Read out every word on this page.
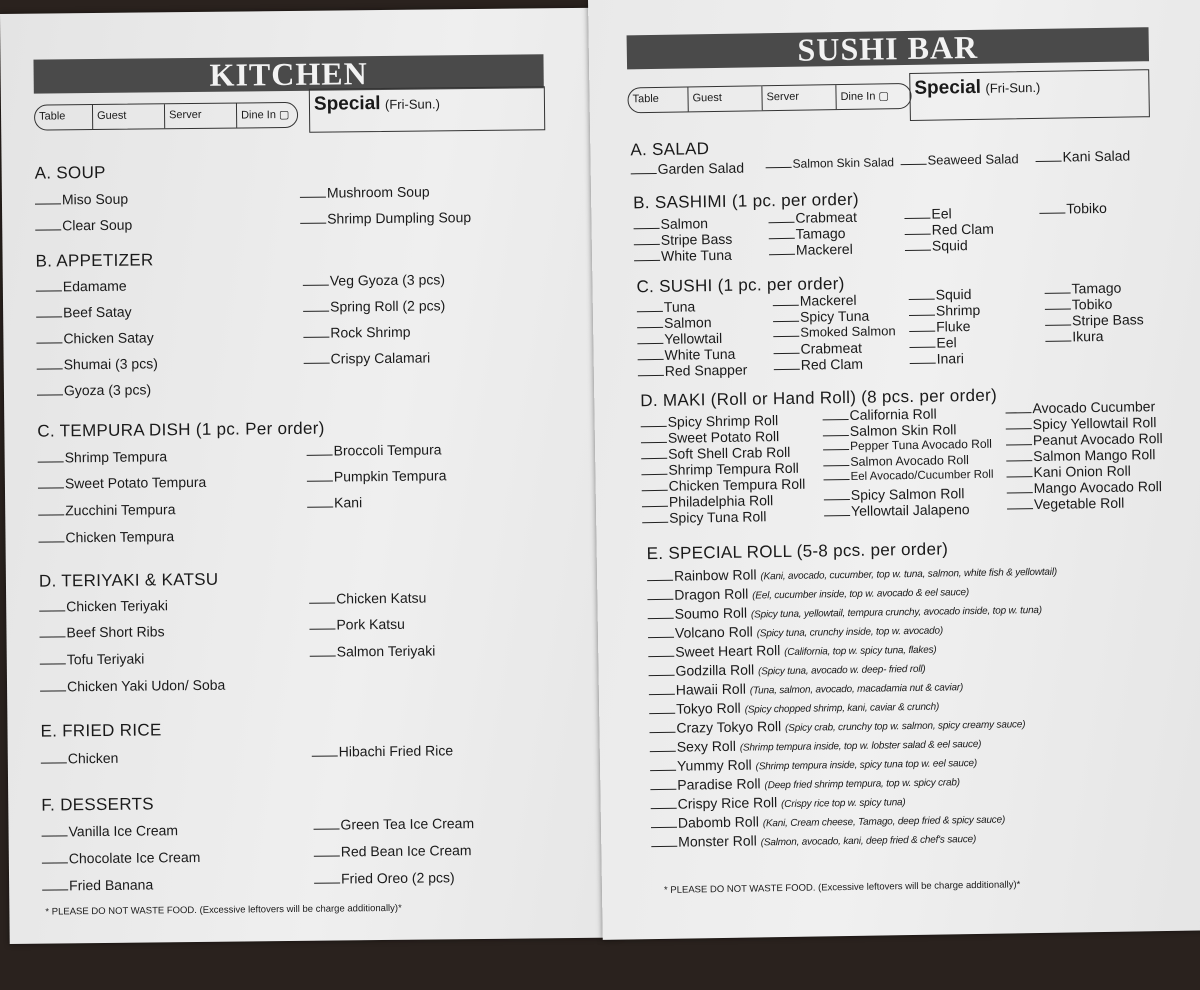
KITCHEN
Table	Guest	Server	Dine In ▢
Special (Fri-Sun.)
A. SOUP
Miso Soup
Clear Soup
Mushroom Soup
Shrimp Dumpling Soup
B. APPETIZER
Edamame
Beef Satay
Chicken Satay
Shumai (3 pcs)
Gyoza (3 pcs)
Veg Gyoza (3 pcs)
Spring Roll (2 pcs)
Rock Shrimp
Crispy Calamari
C. TEMPURA DISH (1 pc. Per order)
Shrimp Tempura
Sweet Potato Tempura
Zucchini Tempura
Chicken Tempura
Broccoli Tempura
Pumpkin Tempura
Kani
D. TERIYAKI & KATSU
Chicken Teriyaki
Beef Short Ribs
Tofu Teriyaki
Chicken Yaki Udon/ Soba
Chicken Katsu
Pork Katsu
Salmon Teriyaki
E. FRIED RICE
Chicken	Hibachi Fried Rice
F. DESSERTS
Vanilla Ice Cream
Chocolate Ice Cream
Fried Banana
Green Tea Ice Cream
Red Bean Ice Cream
Fried Oreo (2 pcs)
* PLEASE DO NOT WASTE FOOD. (Excessive leftovers will be charge additionally)*
SUSHI BAR
Table	Guest	Server	Dine In ▢	Special (Fri-Sun.)
A. SALAD
Garden Salad	Salmon Skin Salad	Seaweed Salad	Kani Salad
B. SASHIMI (1 pc. per order)
Salmon
Stripe Bass
White Tuna
Crabmeat
Tamago
Mackerel
Eel
Red Clam
Squid
Tobiko
C. SUSHI (1 pc. per order)
Tuna
Salmon
Yellowtail
White Tuna
Red Snapper
Mackerel
Spicy Tuna
Smoked Salmon
Crabmeat
Red Clam
Squid
Shrimp
Fluke
Eel
Inari
Tamago
Tobiko
Stripe Bass
Ikura
D. MAKI (Roll or Hand Roll) (8 pcs. per order)
Spicy Shrimp Roll
Sweet Potato Roll
Soft Shell Crab Roll
Shrimp Tempura Roll
Chicken Tempura Roll
Philadelphia Roll
Spicy Tuna Roll
California Roll
Salmon Skin Roll
Pepper Tuna Avocado Roll
Salmon Avocado Roll
Eel Avocado/Cucumber Roll
Spicy Salmon Roll
Yellowtail Jalapeno
Avocado Cucumber
Spicy Yellowtail Roll
Peanut Avocado Roll
Salmon Mango Roll
Kani Onion Roll
Mango Avocado Roll
Vegetable Roll
E. SPECIAL ROLL (5-8 pcs. per order)
Rainbow Roll (Kani, avocado, cucumber, top w. tuna, salmon, white fish & yellowtail)
Dragon Roll (Eel, cucumber inside, top w. avocado & eel sauce)
Soumo Roll (Spicy tuna, yellowtail, tempura crunchy, avocado inside, top w. tuna)
Volcano Roll (Spicy tuna, crunchy inside, top w. avocado)
Sweet Heart Roll (California, top w. spicy tuna, flakes)
Godzilla Roll (Spicy tuna, avocado w. deep- fried roll)
Hawaii Roll (Tuna, salmon, avocado, macadamia nut & caviar)
Tokyo Roll (Spicy chopped shrimp, kani, caviar & crunch)
Crazy Tokyo Roll (Spicy crab, crunchy top w. salmon, spicy creamy sauce)
Sexy Roll (Shrimp tempura inside, top w. lobster salad & eel sauce)
Yummy Roll (Shrimp tempura inside, spicy tuna top w. eel sauce)
Paradise Roll (Deep fried shrimp tempura, top w. spicy crab)
Crispy Rice Roll (Crispy rice top w. spicy tuna)
Dabomb Roll (Kani, Cream cheese, Tamago, deep fried & spicy sauce)
Monster Roll (Salmon, avocado, kani, deep fried & chef's sauce)
* PLEASE DO NOT WASTE FOOD. (Excessive leftovers will be charge additionally)*
